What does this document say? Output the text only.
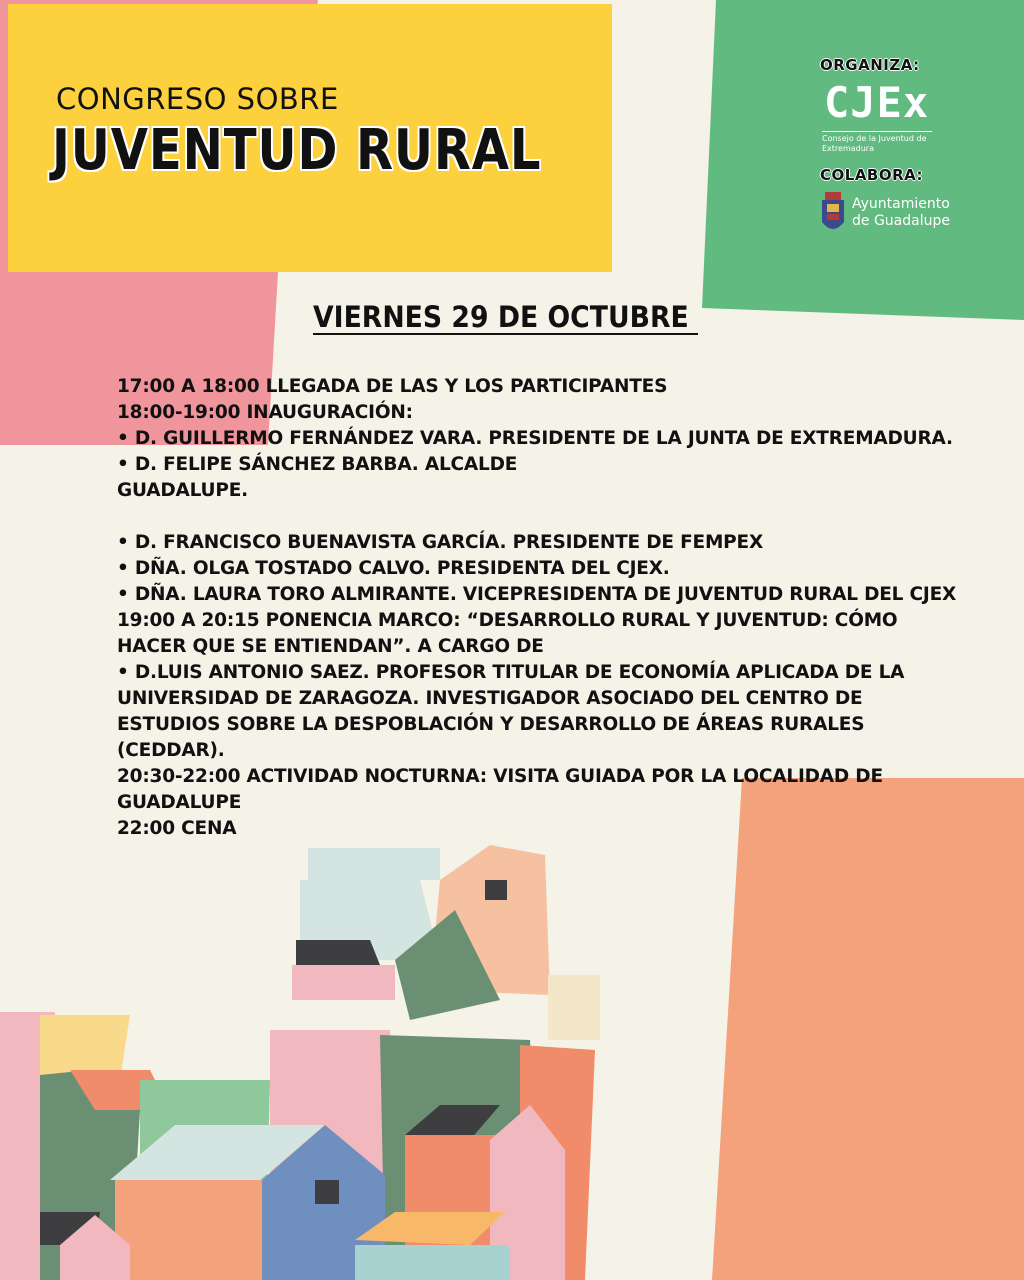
CONGRESO SOBRE
JUVENTUD RURAL
ORGANIZA:
CJEx
Consejo de la Juventud de Extremadura
COLABORA:
Ayuntamiento
de Guadalupe
VIERNES 29 DE OCTUBRE

17:00 A 18:00 LLEGADA DE LAS Y LOS PARTICIPANTES

18:00-19:00 INAUGURACIÓN:

• D. GUILLERMO FERNÁNDEZ VARA. PRESIDENTE DE LA JUNTA DE EXTREMADURA.

• D. FELIPE SÁNCHEZ BARBA. ALCALDE

GUADALUPE.

• D. FRANCISCO BUENAVISTA GARCÍA. PRESIDENTE DE FEMPEX

• DÑA. OLGA TOSTADO CALVO. PRESIDENTA DEL CJEX.

• DÑA. LAURA TORO ALMIRANTE. VICEPRESIDENTA DE JUVENTUD RURAL DEL CJEX

19:00 A 20:15 PONENCIA MARCO: “DESARROLLO RURAL Y JUVENTUD: CÓMO HACER QUE SE ENTIENDAN”. A CARGO DE

• D.LUIS ANTONIO SAEZ. PROFESOR TITULAR DE ECONOMÍA APLICADA DE LA UNIVERSIDAD DE ZARAGOZA. INVESTIGADOR ASOCIADO DEL CENTRO DE ESTUDIOS SOBRE LA DESPOBLACIÓN Y DESARROLLO DE ÁREAS RURALES (CEDDAR).

20:30-22:00 ACTIVIDAD NOCTURNA: VISITA GUIADA POR LA LOCALIDAD DE GUADALUPE

22:00 CENA
